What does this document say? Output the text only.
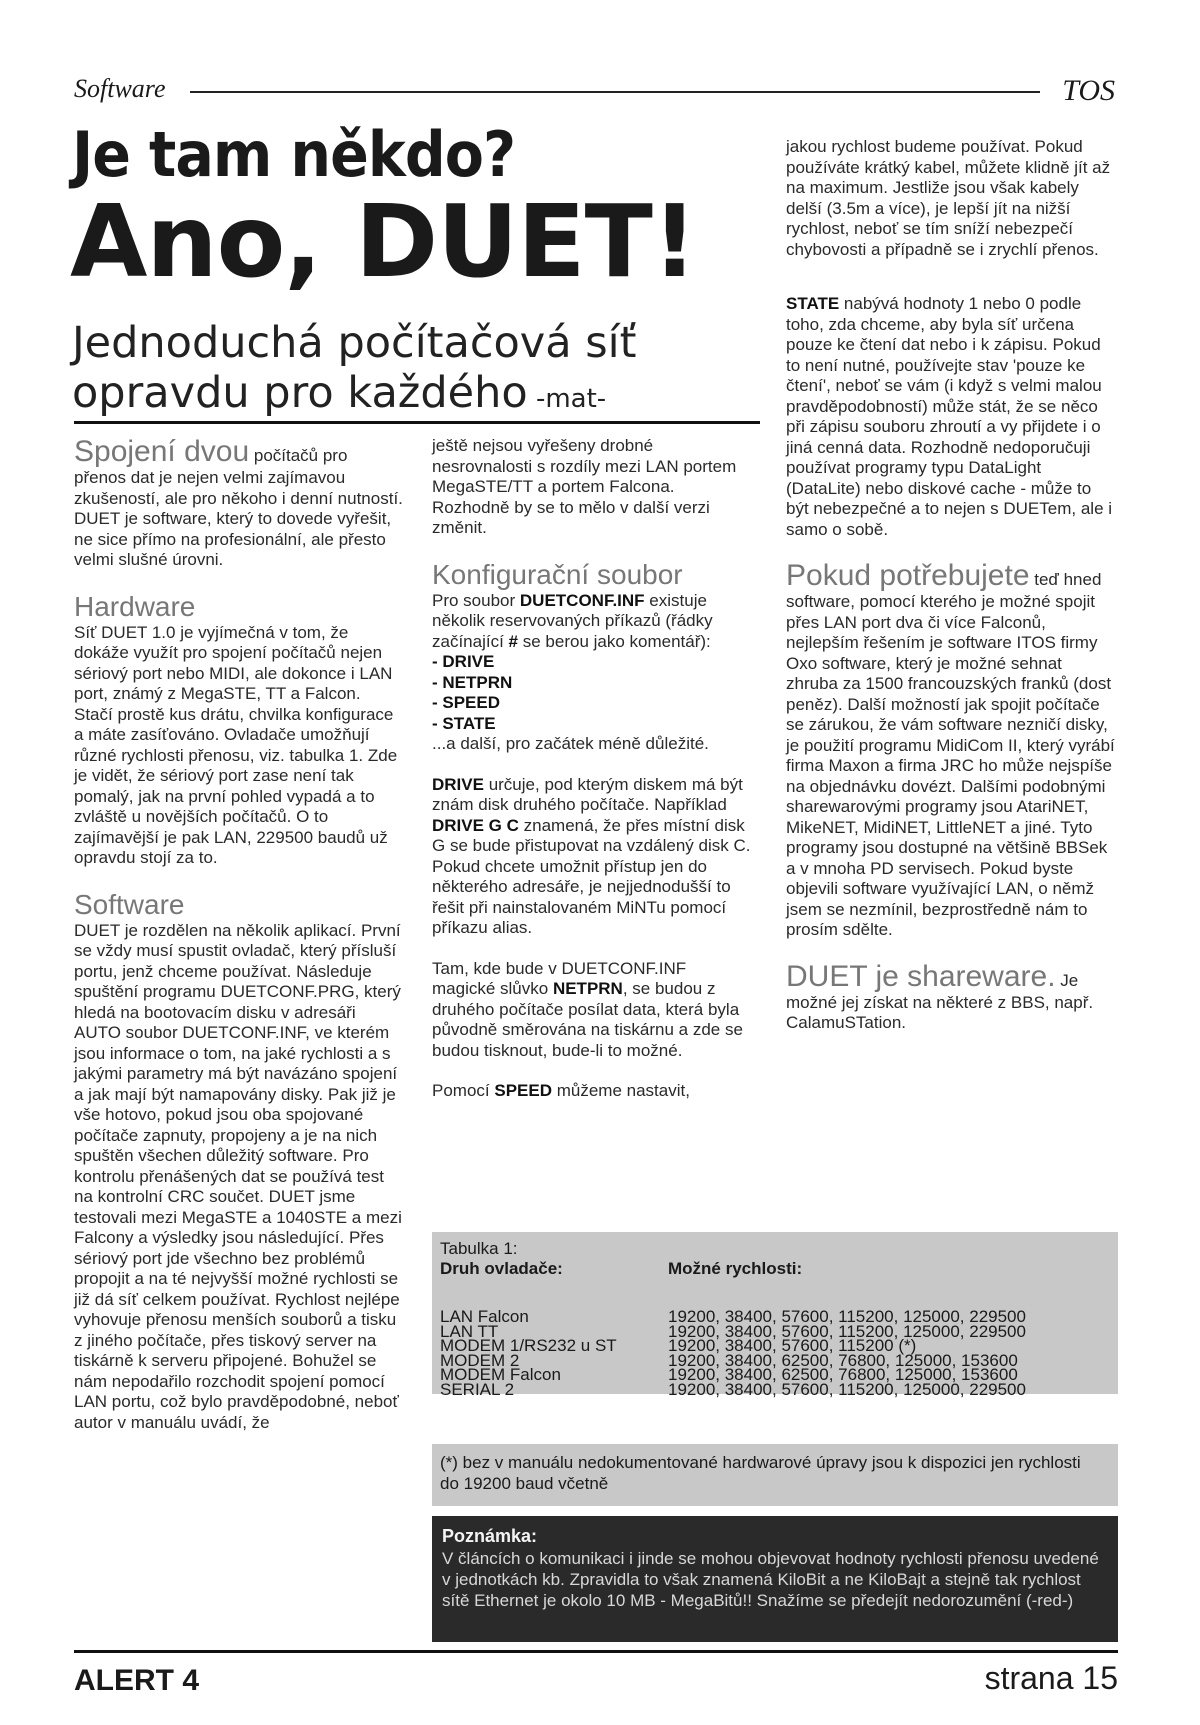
Software	TOS
Je tam někdo?
Ano, DUET!
Jednoduchá počítačová síť
opravdu pro každého -mat-

Spojení dvou počítačů pro přenos dat je nejen velmi zajímavou zkušeností, ale pro někoho i denní nutností. DUET je software, který to dovede vyřešit, ne sice přímo na profesionální, ale přesto velmi slušné úrovni.

Hardware

Síť DUET 1.0 je vyjímečná v tom, že dokáže využít pro spojení počítačů nejen sériový port nebo MIDI, ale dokonce i LAN port, známý z MegaSTE, TT a Falcon. Stačí prostě kus drátu, chvilka konfigurace a máte zasíťováno. Ovladače umožňují různé rychlosti přenosu, viz. tabulka 1. Zde je vidět, že sériový port zase není tak pomalý, jak na první pohled vypadá a to zvláště u novějších počítačů. O to zajímavější je pak LAN, 229500 baudů už opravdu stojí za to.

Software

DUET je rozdělen na několik aplikací. První se vždy musí spustit ovladač, který přísluší portu, jenž chceme používat. Následuje spuštění programu DUETCONF.PRG, který hledá na bootovacím disku v adresáři AUTO soubor DUETCONF.INF, ve kterém jsou informace o tom, na jaké rychlosti a s jakými parametry má být navázáno spojení a jak mají být namapovány disky. Pak již je vše hotovo, pokud jsou oba spojované počítače zapnuty, propojeny a je na nich spuštěn všechen důležitý software. Pro kontrolu přenášených dat se používá test na kontrolní CRC součet. DUET jsme testovali mezi MegaSTE a 1040STE a mezi Falcony a výsledky jsou následující. Přes sériový port jde všechno bez problémů propojit a na té nejvyšší možné rychlosti se již dá síť celkem používat. Rychlost nejlépe vyhovuje přenosu menších souborů a tisku z jiného počítače, přes tiskový server na tiskárně k serveru připojené. Bohužel se nám nepodařilo rozchodit spojení pomocí LAN portu, což bylo pravděpodobné, neboť autor v manuálu uvádí, že

ještě nejsou vyřešeny drobné nesrovnalosti s rozdíly mezi LAN portem MegaSTE/TT a portem Falcona. Rozhodně by se to mělo v další verzi změnit.

Konfigurační soubor

Pro soubor DUETCONF.INF existuje několik reservovaných příkazů (řádky začínající # se berou jako komentář):

- DRIVE
- NETPRN
- SPEED
- STATE

...a další, pro začátek méně důležité.

DRIVE určuje, pod kterým diskem má být znám disk druhého počítače. Například DRIVE G C znamená, že přes místní disk G se bude přistupovat na vzdálený disk C. Pokud chcete umožnit přístup jen do některého adresáře, je nejjednodušší to řešit při nainstalovaném MiNTu pomocí příkazu alias.

Tam, kde bude v DUETCONF.INF magické slůvko NETPRN, se budou z druhého počítače posílat data, která byla původně směrována na tiskárnu a zde se budou tisknout, bude-li to možné.

Pomocí SPEED můžeme nastavit,

jakou rychlost budeme používat. Pokud používáte krátký kabel, můžete klidně jít až na maximum. Jestliže jsou však kabely delší (3.5m a více), je lepší jít na nižší rychlost, neboť se tím sníží nebezpečí chybovosti a případně se i zrychlí přenos.

STATE nabývá hodnoty 1 nebo 0 podle toho, zda chceme, aby byla síť určena pouze ke čtení dat nebo i k zápisu. Pokud to není nutné, používejte stav 'pouze ke čtení', neboť se vám (i když s velmi malou pravděpodobností) může stát, že se něco při zápisu souboru zhroutí a vy přijdete i o jiná cenná data. Rozhodně nedoporučuji používat programy typu DataLight (DataLite) nebo diskové cache - může to být nebezpečné a to nejen s DUETem, ale i samo o sobě.

Pokud potřebujete teď hned software, pomocí kterého je možné spojit přes LAN port dva či více Falconů, nejlepším řešením je software ITOS firmy Oxo software, který je možné sehnat zhruba za 1500 francouzských franků (dost peněz). Další možností jak spojit počítače se zárukou, že vám software nezničí disky, je použití programu MidiCom II, který vyrábí firma Maxon a firma JRC ho může nejspíše na objednávku dovézt. Dalšími podobnými sharewarovými programy jsou AtariNET, MikeNET, MidiNET, LittleNET a jiné. Tyto programy jsou dostupné na většině BBSek a v mnoha PD servisech. Pokud byste objevili software využívající LAN, o němž jsem se nezmínil, bezprostředně nám to prosím sdělte.

DUET je shareware. Je možné jej získat na některé z BBS, např. CalamuSTation.

Tabulka 1:
Druh ovladače:	Možné rychlosti:
LAN Falcon	19200, 38400, 57600, 115200, 125000, 229500
LAN TT	19200, 38400, 57600, 115200, 125000, 229500
MODEM 1/RS232 u ST	19200, 38400, 57600, 115200 (*)
MODEM 2	19200, 38400, 62500, 76800, 125000, 153600
MODEM Falcon	19200, 38400, 62500, 76800, 125000, 153600
SERIAL 2	19200, 38400, 57600, 115200, 125000, 229500
(*) bez v manuálu nedokumentované hardwarové úpravy jsou k dispozici jen rychlosti do 19200 baud včetně
Poznámka:
V článcích o komunikaci i jinde se mohou objevovat hodnoty rychlosti přenosu uvedené v jednotkách kb. Zpravidla to však znamená KiloBit a ne KiloBajt a stejně tak rychlost sítě Ethernet je okolo 10 MB - MegaBitů!! Snažíme se předejít nedorozumění (-red-)
ALERT 4	strana 15
